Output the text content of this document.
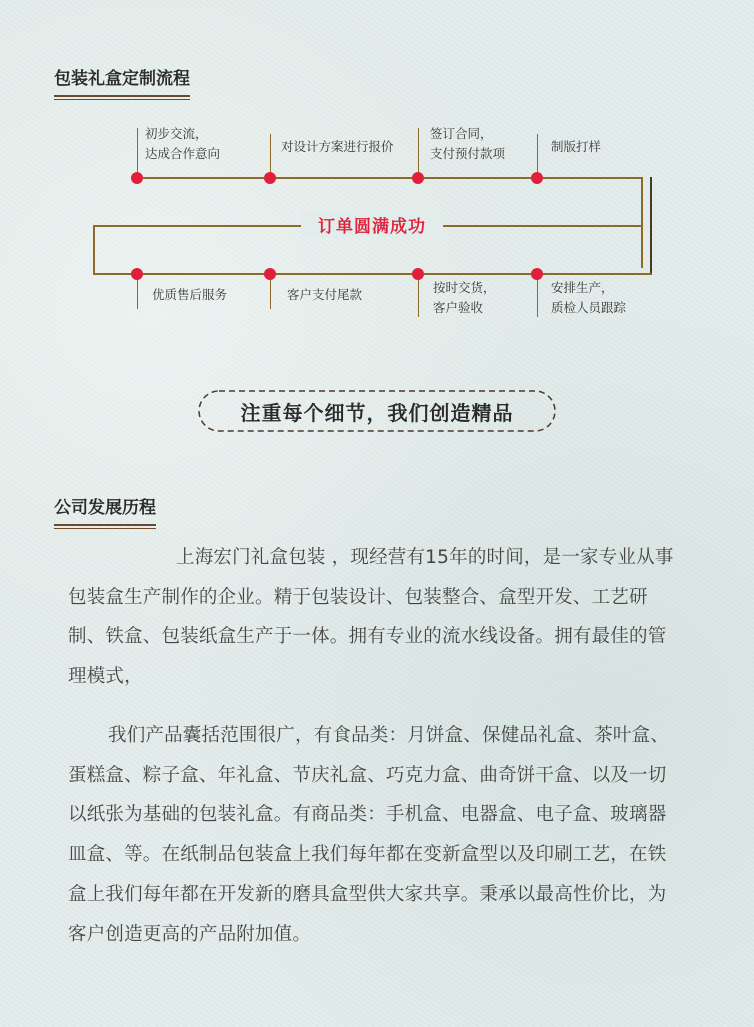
包装礼盒定制流程
订单圆满成功
初步交流，
达成合作意向	对设计方案进行报价
签订合同，
支付预付款项	制版打样
优质售后服务	客户支付尾款	按时交货，
客户验收
安排生产，
质检人员跟踪
注重每个细节，我们创造精品
公司发展历程

上海宏门礼盒包装 ，现经营有15年的时间，是一家专业从事包装盒生产制作的企业。精于包装设计、包装整合、盒型开发、工艺研制、铁盒、包装纸盒生产于一体。拥有专业的流水线设备。拥有最佳的管理模式，

我们产品囊括范围很广，有食品类：月饼盒、保健品礼盒、茶叶盒、蛋糕盒、粽子盒、年礼盒、节庆礼盒、巧克力盒、曲奇饼干盒、以及一切以纸张为基础的包装礼盒。有商品类：手机盒、电器盒、电子盒、玻璃器皿盒、等。在纸制品包装盒上我们每年都在变新盒型以及印刷工艺，在铁盒上我们每年都在开发新的磨具盒型供大家共享。秉承以最高性价比，为客户创造更高的产品附加值。
